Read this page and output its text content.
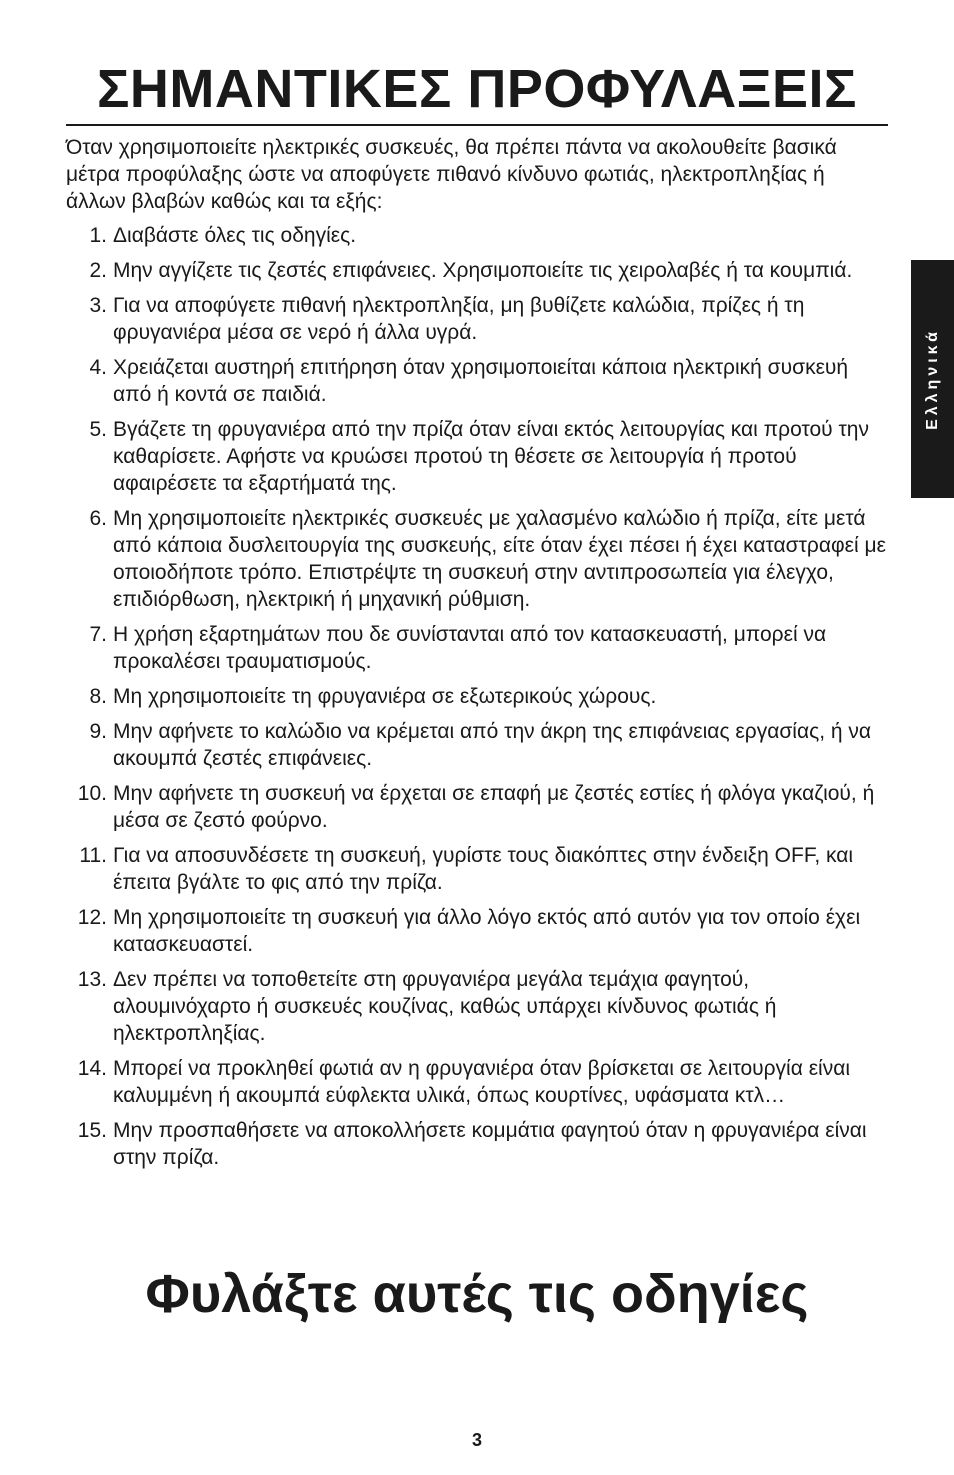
ΣΗΜΑΝΤΙΚΕΣ ΠΡΟΦΥΛΑΞΕΙΣ

Όταν χρησιμοποιείτε ηλεκτρικές συσκευές, θα πρέπει πάντα να ακολουθείτε βασικά μέτρα προφύλαξης ώστε να αποφύγετε πιθανό κίνδυνο φωτιάς, ηλεκτροπληξίας ή άλλων βλαβών καθώς και τα εξής:

1. Διαβάστε όλες τις οδηγίες.
2. Μην αγγίζετε τις ζεστές επιφάνειες. Χρησιμοποιείτε τις χειρολαβές ή τα κουμπιά.
3. Για να αποφύγετε πιθανή ηλεκτροπληξία, μη βυθίζετε καλώδια, πρίζες ή τη φρυγανιέρα μέσα σε νερό ή άλλα υγρά.
4. Χρειάζεται αυστηρή επιτήρηση όταν χρησιμοποιείται κάποια ηλεκτρική συσκευή από ή κοντά σε παιδιά.
5. Βγάζετε τη φρυγανιέρα από την πρίζα όταν είναι εκτός λειτουργίας και προτού την καθαρίσετε. Αφήστε να κρυώσει προτού τη θέσετε σε λειτουργία ή προτού αφαιρέσετε τα εξαρτήματά της.
6. Μη χρησιμοποιείτε ηλεκτρικές συσκευές με χαλασμένο καλώδιο ή πρίζα, είτε μετά από κάποια δυσλειτουργία της συσκευής, είτε όταν έχει πέσει ή έχει καταστραφεί με οποιοδήποτε τρόπο. Επιστρέψτε τη συσκευή στην αντιπροσωπεία για έλεγχο, επιδιόρθωση, ηλεκτρική ή μηχανική ρύθμιση.
7. Η χρήση εξαρτημάτων που δε συνίστανται από τον κατασκευαστή, μπορεί να προκαλέσει τραυματισμούς.
8. Μη χρησιμοποιείτε τη φρυγανιέρα σε εξωτερικούς χώρους.
9. Μην αφήνετε το καλώδιο να κρέμεται από την άκρη της επιφάνειας εργασίας, ή να ακουμπά ζεστές επιφάνειες.
10. Μην αφήνετε τη συσκευή να έρχεται σε επαφή με ζεστές εστίες ή φλόγα γκαζιού, ή μέσα σε ζεστό φούρνο.
11. Για να αποσυνδέσετε τη συσκευή, γυρίστε τους διακόπτες στην ένδειξη OFF, και έπειτα βγάλτε το φις από την πρίζα.
12. Μη χρησιμοποιείτε τη συσκευή για άλλο λόγο εκτός από αυτόν για τον οποίο έχει κατασκευαστεί.
13. Δεν πρέπει να τοποθετείτε στη φρυγανιέρα μεγάλα τεμάχια φαγητού, αλουμινόχαρτο ή συσκευές κουζίνας, καθώς υπάρχει κίνδυνος φωτιάς ή ηλεκτροπληξίας.
14. Μπορεί να προκληθεί φωτιά αν η φρυγανιέρα όταν βρίσκεται σε λειτουργία είναι καλυμμένη ή ακουμπά εύφλεκτα υλικά, όπως κουρτίνες, υφάσματα κτλ…
15. Μην προσπαθήσετε να αποκολλήσετε κομμάτια φαγητού όταν η φρυγανιέρα είναι στην πρίζα.
Φυλάξτε αυτές τις οδηγίες
Ελληνικά
3
